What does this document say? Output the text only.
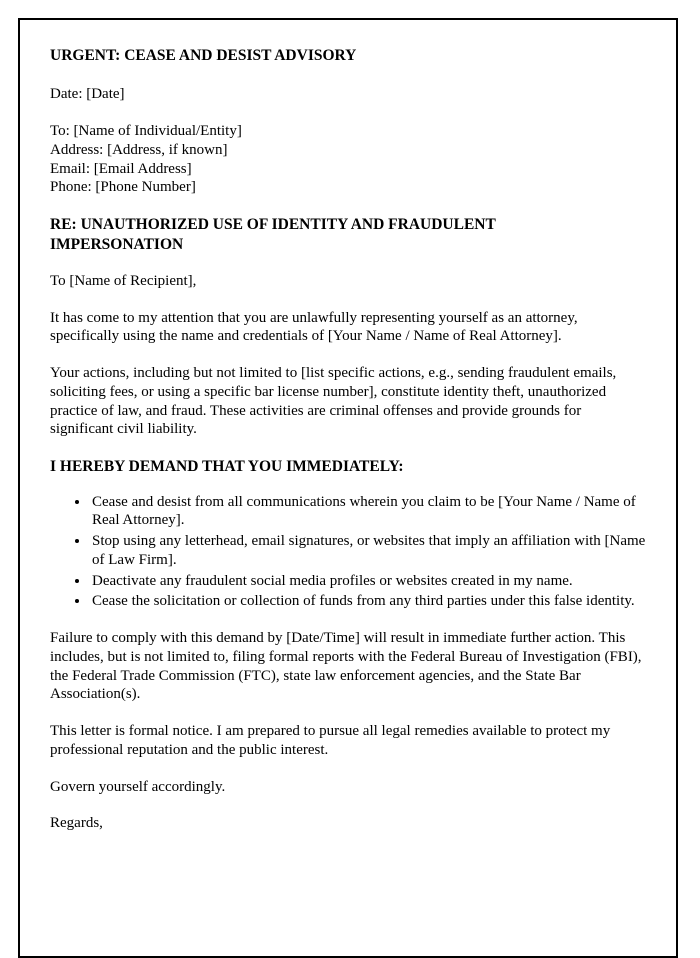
URGENT: CEASE AND DESIST ADVISORY

Date: [Date]

To: [Name of Individual/Entity]

Address: [Address, if known]

Email: [Email Address]

Phone: [Phone Number]

RE: UNAUTHORIZED USE OF IDENTITY AND FRAUDULENT IMPERSONATION

To [Name of Recipient],

It has come to my attention that you are unlawfully representing yourself as an attorney, specifically using the name and credentials of [Your Name / Name of Real Attorney].

Your actions, including but not limited to [list specific actions, e.g., sending fraudulent emails, soliciting fees, or using a specific bar license number], constitute identity theft, unauthorized practice of law, and fraud. These activities are criminal offenses and provide grounds for significant civil liability.

I HEREBY DEMAND THAT YOU IMMEDIATELY:

• Cease and desist from all communications wherein you claim to be [Your Name / Name of Real Attorney].
• Stop using any letterhead, email signatures, or websites that imply an affiliation with [Name of Law Firm].
• Deactivate any fraudulent social media profiles or websites created in my name.
• Cease the solicitation or collection of funds from any third parties under this false identity.

Failure to comply with this demand by [Date/Time] will result in immediate further action. This includes, but is not limited to, filing formal reports with the Federal Bureau of Investigation (FBI), the Federal Trade Commission (FTC), state law enforcement agencies, and the State Bar Association(s).

This letter is formal notice. I am prepared to pursue all legal remedies available to protect my professional reputation and the public interest.

Govern yourself accordingly.

Regards,
